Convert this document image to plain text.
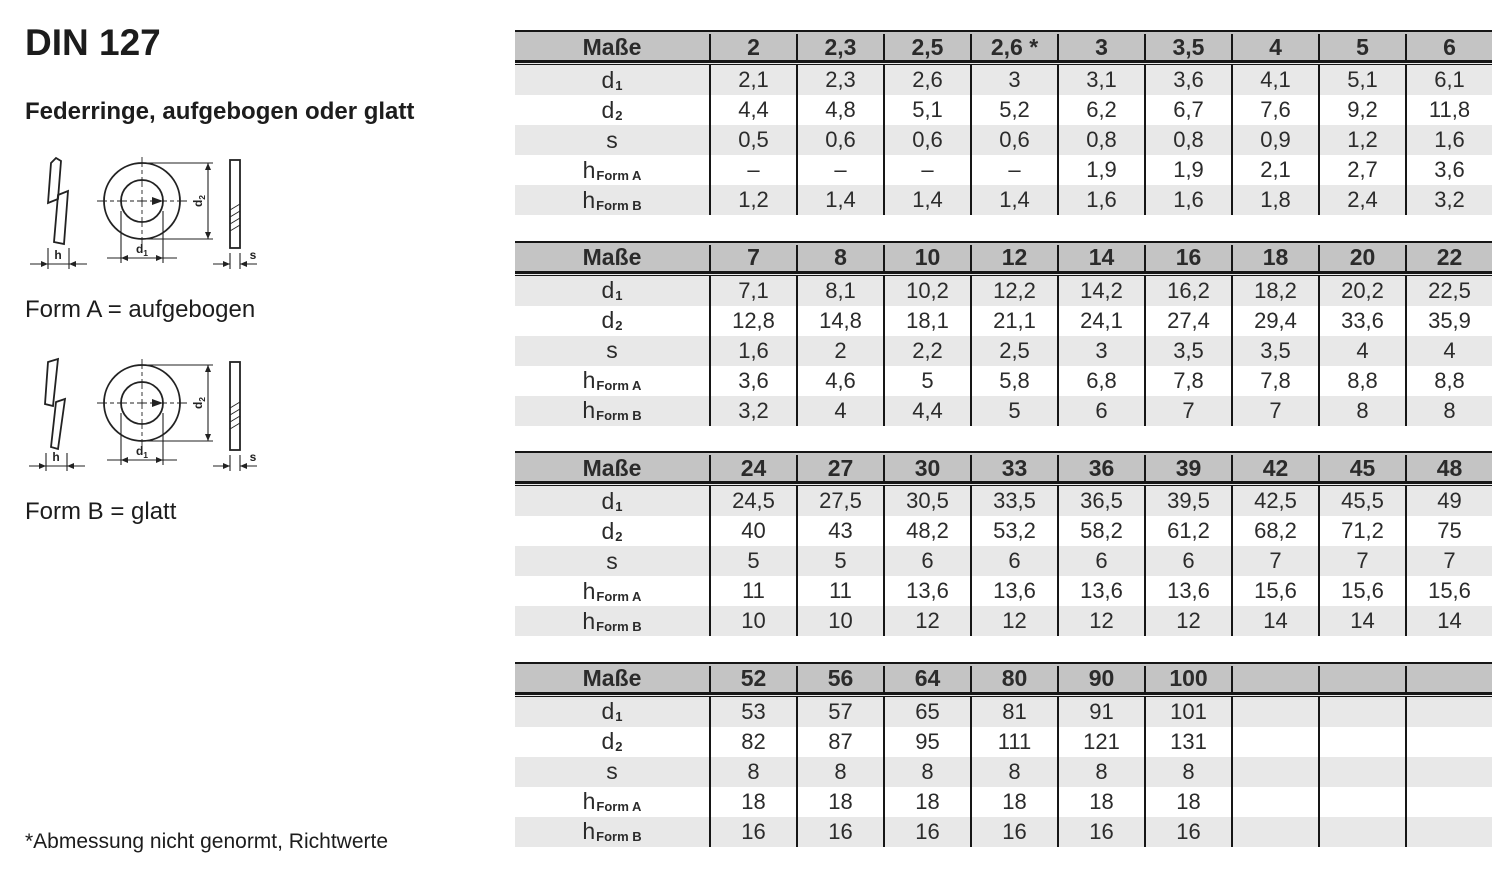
DIN 127
Federringe, aufgebogen oder glatt
h	$d_1$
$d_2$
s
Form A = aufgebogen
h	$d_1$
$d_2$
s
Form B = glatt
*Abmessung nicht genormt, Richtwerte
Maße	2	2,3	2,5	2,6 *	3	3,5	4	5	6
d 1	2,1	2,3	2,6	3	3,1	3,6	4,1	5,1	6,1
d 2	4,4	4,8	5,1	5,2	6,2	6,7	7,6	9,2	11,8
s	0,5	0,6	0,6	0,6	0,8	0,8	0,9	1,2	1,6
h Form A	–	–	–	–	1,9	1,9	2,1	2,7	3,6
h Form B	1,2	1,4	1,4	1,4	1,6	1,6	1,8	2,4	3,2
Maße	7	8	10	12	14	16	18	20	22
d 1	7,1	8,1	10,2	12,2	14,2	16,2	18,2	20,2	22,5
d 2	12,8	14,8	18,1	21,1	24,1	27,4	29,4	33,6	35,9
s	1,6	2	2,2	2,5	3	3,5	3,5	4	4
h Form A	3,6	4,6	5	5,8	6,8	7,8	7,8	8,8	8,8
h Form B	3,2	4	4,4	5	6	7	7	8	8
Maße	24	27	30	33	36	39	42	45	48
d 1	24,5	27,5	30,5	33,5	36,5	39,5	42,5	45,5	49
d 2	40	43	48,2	53,2	58,2	61,2	68,2	71,2	75
s	5	5	6	6	6	6	7	7	7
h Form A	11	11	13,6	13,6	13,6	13,6	15,6	15,6	15,6
h Form B	10	10	12	12	12	12	14	14	14
Maße	52	56	64	80	90	100
d 1	53	57	65	81	91	101
d 2	82	87	95	111	121	131
s	8	8	8	8	8	8
h Form A	18	18	18	18	18	18
h Form B	16	16	16	16	16	16
